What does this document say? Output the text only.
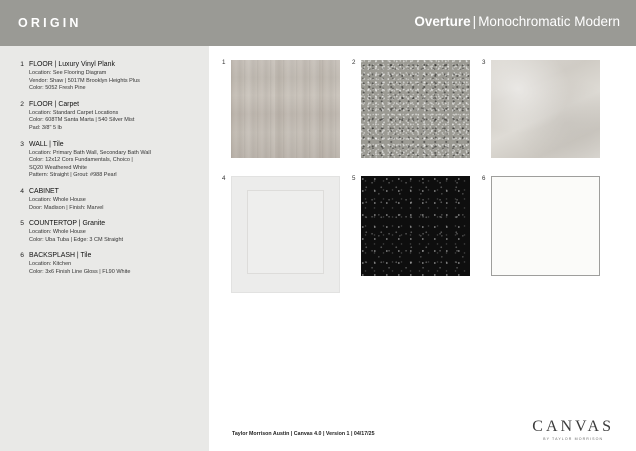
ORIGIN	Overture | Monochromatic Modern
1 FLOOR | Luxury Vinyl Plank
Location: See Flooring Diagram
Vendor: Shaw | 5017M Brooklyn Heights Plus
Color: 5052 Fresh Pine
2 FLOOR | Carpet
Location: Standard Carpet Locations
Color: 608TM Santa Marta | 540 Silver Mist
Pad: 3/8" 5 lb
3 WALL | Tile
Location: Primary Bath Wall, Secondary Bath Wall
Color: 12x12 Cors Fundamentals, Choico |
SQ20 Weathered White
Pattern: Straight | Grout: #988 Pearl
4 CABINET
Location: Whole House
Door: Madison | Finish: Marvel
5 COUNTERTOP | Granite
Location: Whole House
Color: Uba Tuba | Edge: 3 CM Straight
6 BACKSPLASH | Tile
Location: Kitchen
Color: 3x6 Finish Line Gloss | FL90 White
1	2	3
4	5	6
Taylor Morrison Austin | Canvas 4.0 | Version 1 | 04/17/25	CANVAS
BY TAYLOR MORRISON
